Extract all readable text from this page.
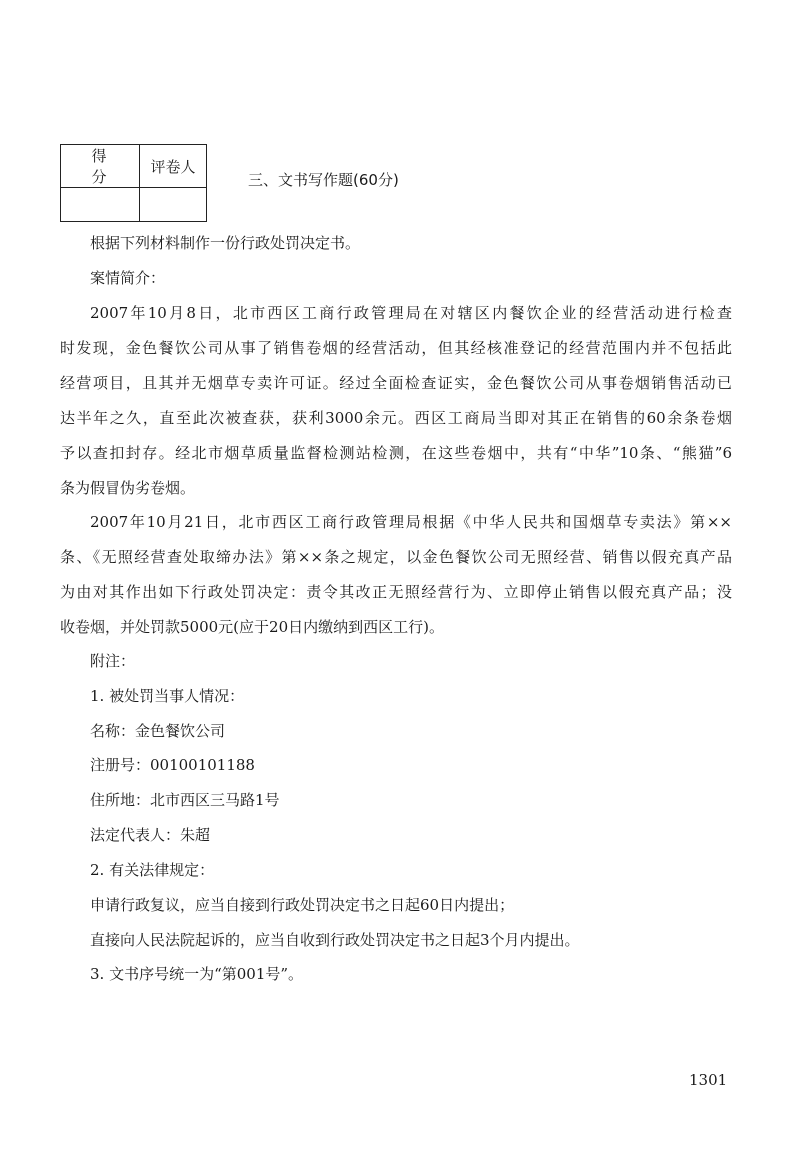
得 分	评卷人

三、文书写作题(60分)
根据下列材料制作一份行政处罚决定书。
案情简介：
2007年10月8日，北市西区工商行政管理局在对辖区内餐饮企业的经营活动进行检查
时发现，金色餐饮公司从事了销售卷烟的经营活动，但其经核准登记的经营范围内并不包括此
经营项目，且其并无烟草专卖许可证。经过全面检查证实，金色餐饮公司从事卷烟销售活动已
达半年之久，直至此次被查获，获利3000余元。西区工商局当即对其正在销售的60余条卷烟
予以查扣封存。经北市烟草质量监督检测站检测，在这些卷烟中，共有“中华”10条、“熊猫”6
条为假冒伪劣卷烟。
2007年10月21日，北市西区工商行政管理局根据《中华人民共和国烟草专卖法》第××
条、《无照经营查处取缔办法》第××条之规定，以金色餐饮公司无照经营、销售以假充真产品
为由对其作出如下行政处罚决定：责令其改正无照经营行为、立即停止销售以假充真产品；没
收卷烟，并处罚款5000元(应于20日内缴纳到西区工行)。
附注：
1. 被处罚当事人情况：
名称：金色餐饮公司
注册号：00100101188
住所地：北市西区三马路1号
法定代表人：朱超
2. 有关法律规定：
申请行政复议，应当自接到行政处罚决定书之日起60日内提出；
直接向人民法院起诉的，应当自收到行政处罚决定书之日起3个月内提出。
3. 文书序号统一为“第001号”。
1301
